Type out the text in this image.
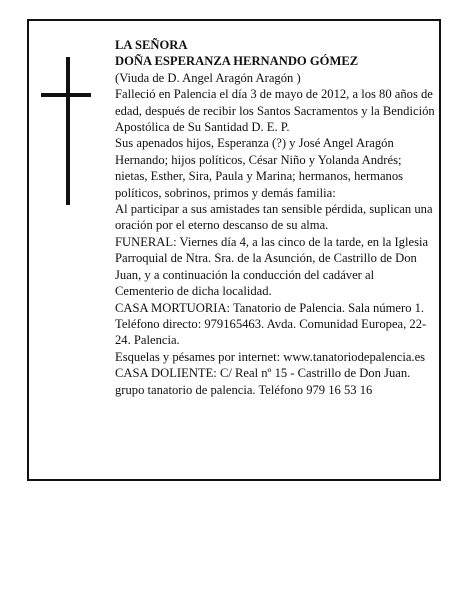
LA SEÑORA

DOÑA ESPERANZA HERNANDO GÓMEZ

(Viuda de D. Angel Aragón Aragón )

Falleció en Palencia el día 3 de mayo de 2012, a los 80 años de edad, después de recibir los Santos Sacramentos y la Bendición Apostólica de Su Santidad D. E. P.

Sus apenados hijos, Esperanza (?) y José Angel Aragón Hernando; hijos políticos, César Niño y Yolanda Andrés; nietas, Esther, Sira, Paula y Marina; hermanos, hermanos políticos, sobrinos, primos y demás familia:

Al participar a sus amistades tan sensible pérdida, suplican una oración por el eterno descanso de su alma.

FUNERAL: Viernes día 4, a las cinco de la tarde, en la Iglesia Parroquial de Ntra. Sra. de la Asunción, de Castrillo de Don Juan, y a continuación la conducción del cadáver al Cementerio de dicha localidad.

CASA MORTUORIA: Tanatorio de Palencia. Sala número 1. Teléfono directo: 979165463. Avda. Comunidad Europea, 22-24. Palencia.

Esquelas y pésames por internet: www.tanatoriodepalencia.es

CASA DOLIENTE: C/ Real nº 15 - Castrillo de Don Juan.

grupo tanatorio de palencia. Teléfono 979 16 53 16
